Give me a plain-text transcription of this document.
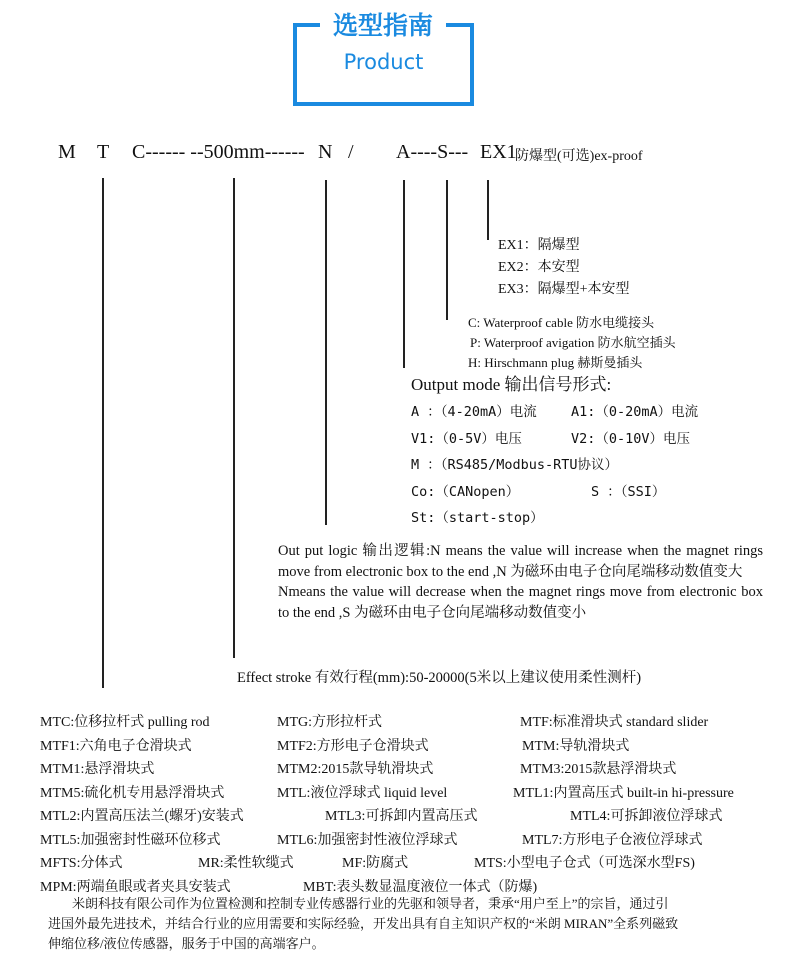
选型指南
Product
M T C------ --500mm------ N / A----S--- EX1
防爆型(可选)ex-proof
EX1：隔爆型
EX2：本安型
EX3：隔爆型+本安型
C: Waterproof cable 防水电缆接头
P: Waterproof avigation 防水航空插头
H: Hirschmann plug 赫斯曼插头
Output mode 输出信号形式:
A ：（4-20mA）电流	A1:（0-20mA）电流
V1:（0-5V）电压	V2:（0-10V）电压
M ：（RS485/Modbus-RTU协议）
Co:（CANopen）	S ：（SSI）
St:（start-stop）
Out put logic 输出逻辑:N means the value will increase when the magnet rings move from electronic box to the end ,N 为磁环由电子仓向尾端移动数值变大
Nmeans the value will decrease when the magnet rings move from electronic box to the end ,S 为磁环由电子仓向尾端移动数值变小
Effect stroke 有效行程(mm):50-20000(5米以上建议使用柔性测杆)
MTC:位移拉杆式 pulling rod	MTG:方形拉杆式	MTF:标准滑块式 standard slider
MTF1:六角电子仓滑块式	MTF2:方形电子仓滑块式	MTM:导轨滑块式
MTM1:悬浮滑块式	MTM2:2015款导轨滑块式	MTM3:2015款悬浮滑块式
MTM5:硫化机专用悬浮滑块式	MTL:液位浮球式 liquid level	MTL1:内置高压式 built-in hi-pressure
MTL2:内置高压法兰(螺牙)安装式	MTL3:可拆卸内置高压式	MTL4:可拆卸液位浮球式
MTL5:加强密封性磁环位移式	MTL6:加强密封性液位浮球式	MTL7:方形电子仓液位浮球式
MFTS:分体式	MR:柔性软缆式	MF:防腐式	MTS:小型电子仓式（可选深水型FS)
MPM:两端鱼眼或者夹具安装式	MBT:表头数显温度液位一体式（防爆)
米朗科技有限公司作为位置检测和控制专业传感器行业的先驱和领导者，秉承“用户至上”的宗旨，通过引
进国外最先进技术，并结合行业的应用需要和实际经验，开发出具有自主知识产权的“米朗 MIRAN”全系列磁致
伸缩位移/液位传感器，服务于中国的高端客户。
